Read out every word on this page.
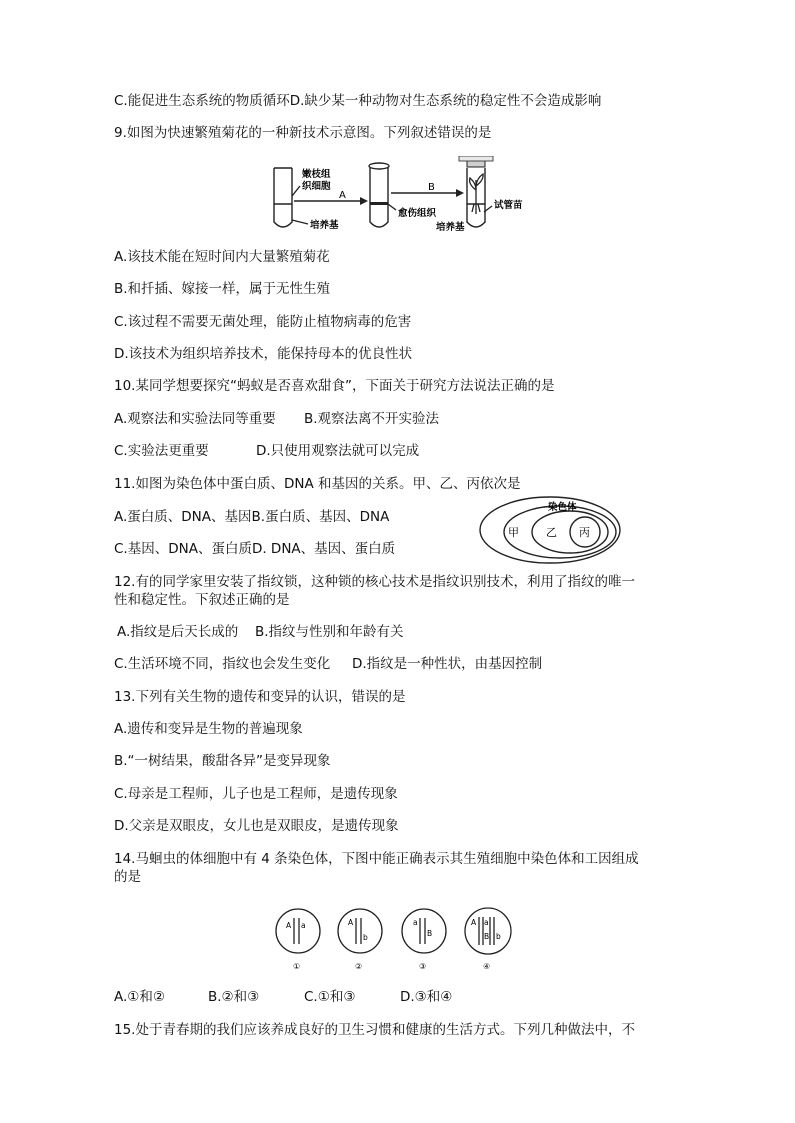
C.能促进生态系统的物质循环D.缺少某一种动物对生态系统的稳定性不会造成影响
9.如图为快速繁殖菊花的一种新技术示意图。下列叙述错误的是
嫩枝组
织细胞
A
B
培养基
愈伤组织
培养基
试管苗
A.该技术能在短时间内大量繁殖菊花
B.和扦插、嫁接一样，属于无性生殖
C.该过程不需要无菌处理，能防止植物病毒的危害
D.该技术为组织培养技术，能保持母本的优良性状
10.某同学想要探究“蚂蚁是否喜欢甜食”，下面关于研究方法说法正确的是
A.观察法和实验法同等重要 B.观察法离不开实验法
C.实验法更重要	D.只使用观察法就可以完成
11.如图为染色体中蛋白质、DNA 和基因的关系。甲、乙、丙依次是
A.蛋白质、DNA、基因B.蛋白质、基因、DNA
C.基因、DNA、蛋白质D. DNA、基因、蛋白质
染色体
甲 乙 丙
12.有的同学家里安装了指纹锁，这种锁的核心技术是指纹识别技术，利用了指纹的唯一
性和稳定性。下叙述正确的是
A.指纹是后天长成的 B.指纹与性别和年龄有关
C.生活环境不同，指纹也会发生变化 D.指纹是一种性状，由基因控制
13.下列有关生物的遗传和变异的认识，错误的是
A.遗传和变异是生物的普遍现象
B.“一树结果，酸甜各异”是变异现象
C.母亲是工程师，儿子也是工程师，是遗传现象
D.父亲是双眼皮，女儿也是双眼皮，是遗传现象
14.马蛔虫的体细胞中有 4 条染色体，下图中能正确表示其生殖细胞中染色体和工因组成
的是
A a	A
b
a
B
A a
B b
①	②	③	④
A.①和②	B.②和③	C.①和③	D.③和④
15.处于青春期的我们应该养成良好的卫生习惯和健康的生活方式。下列几种做法中，不
